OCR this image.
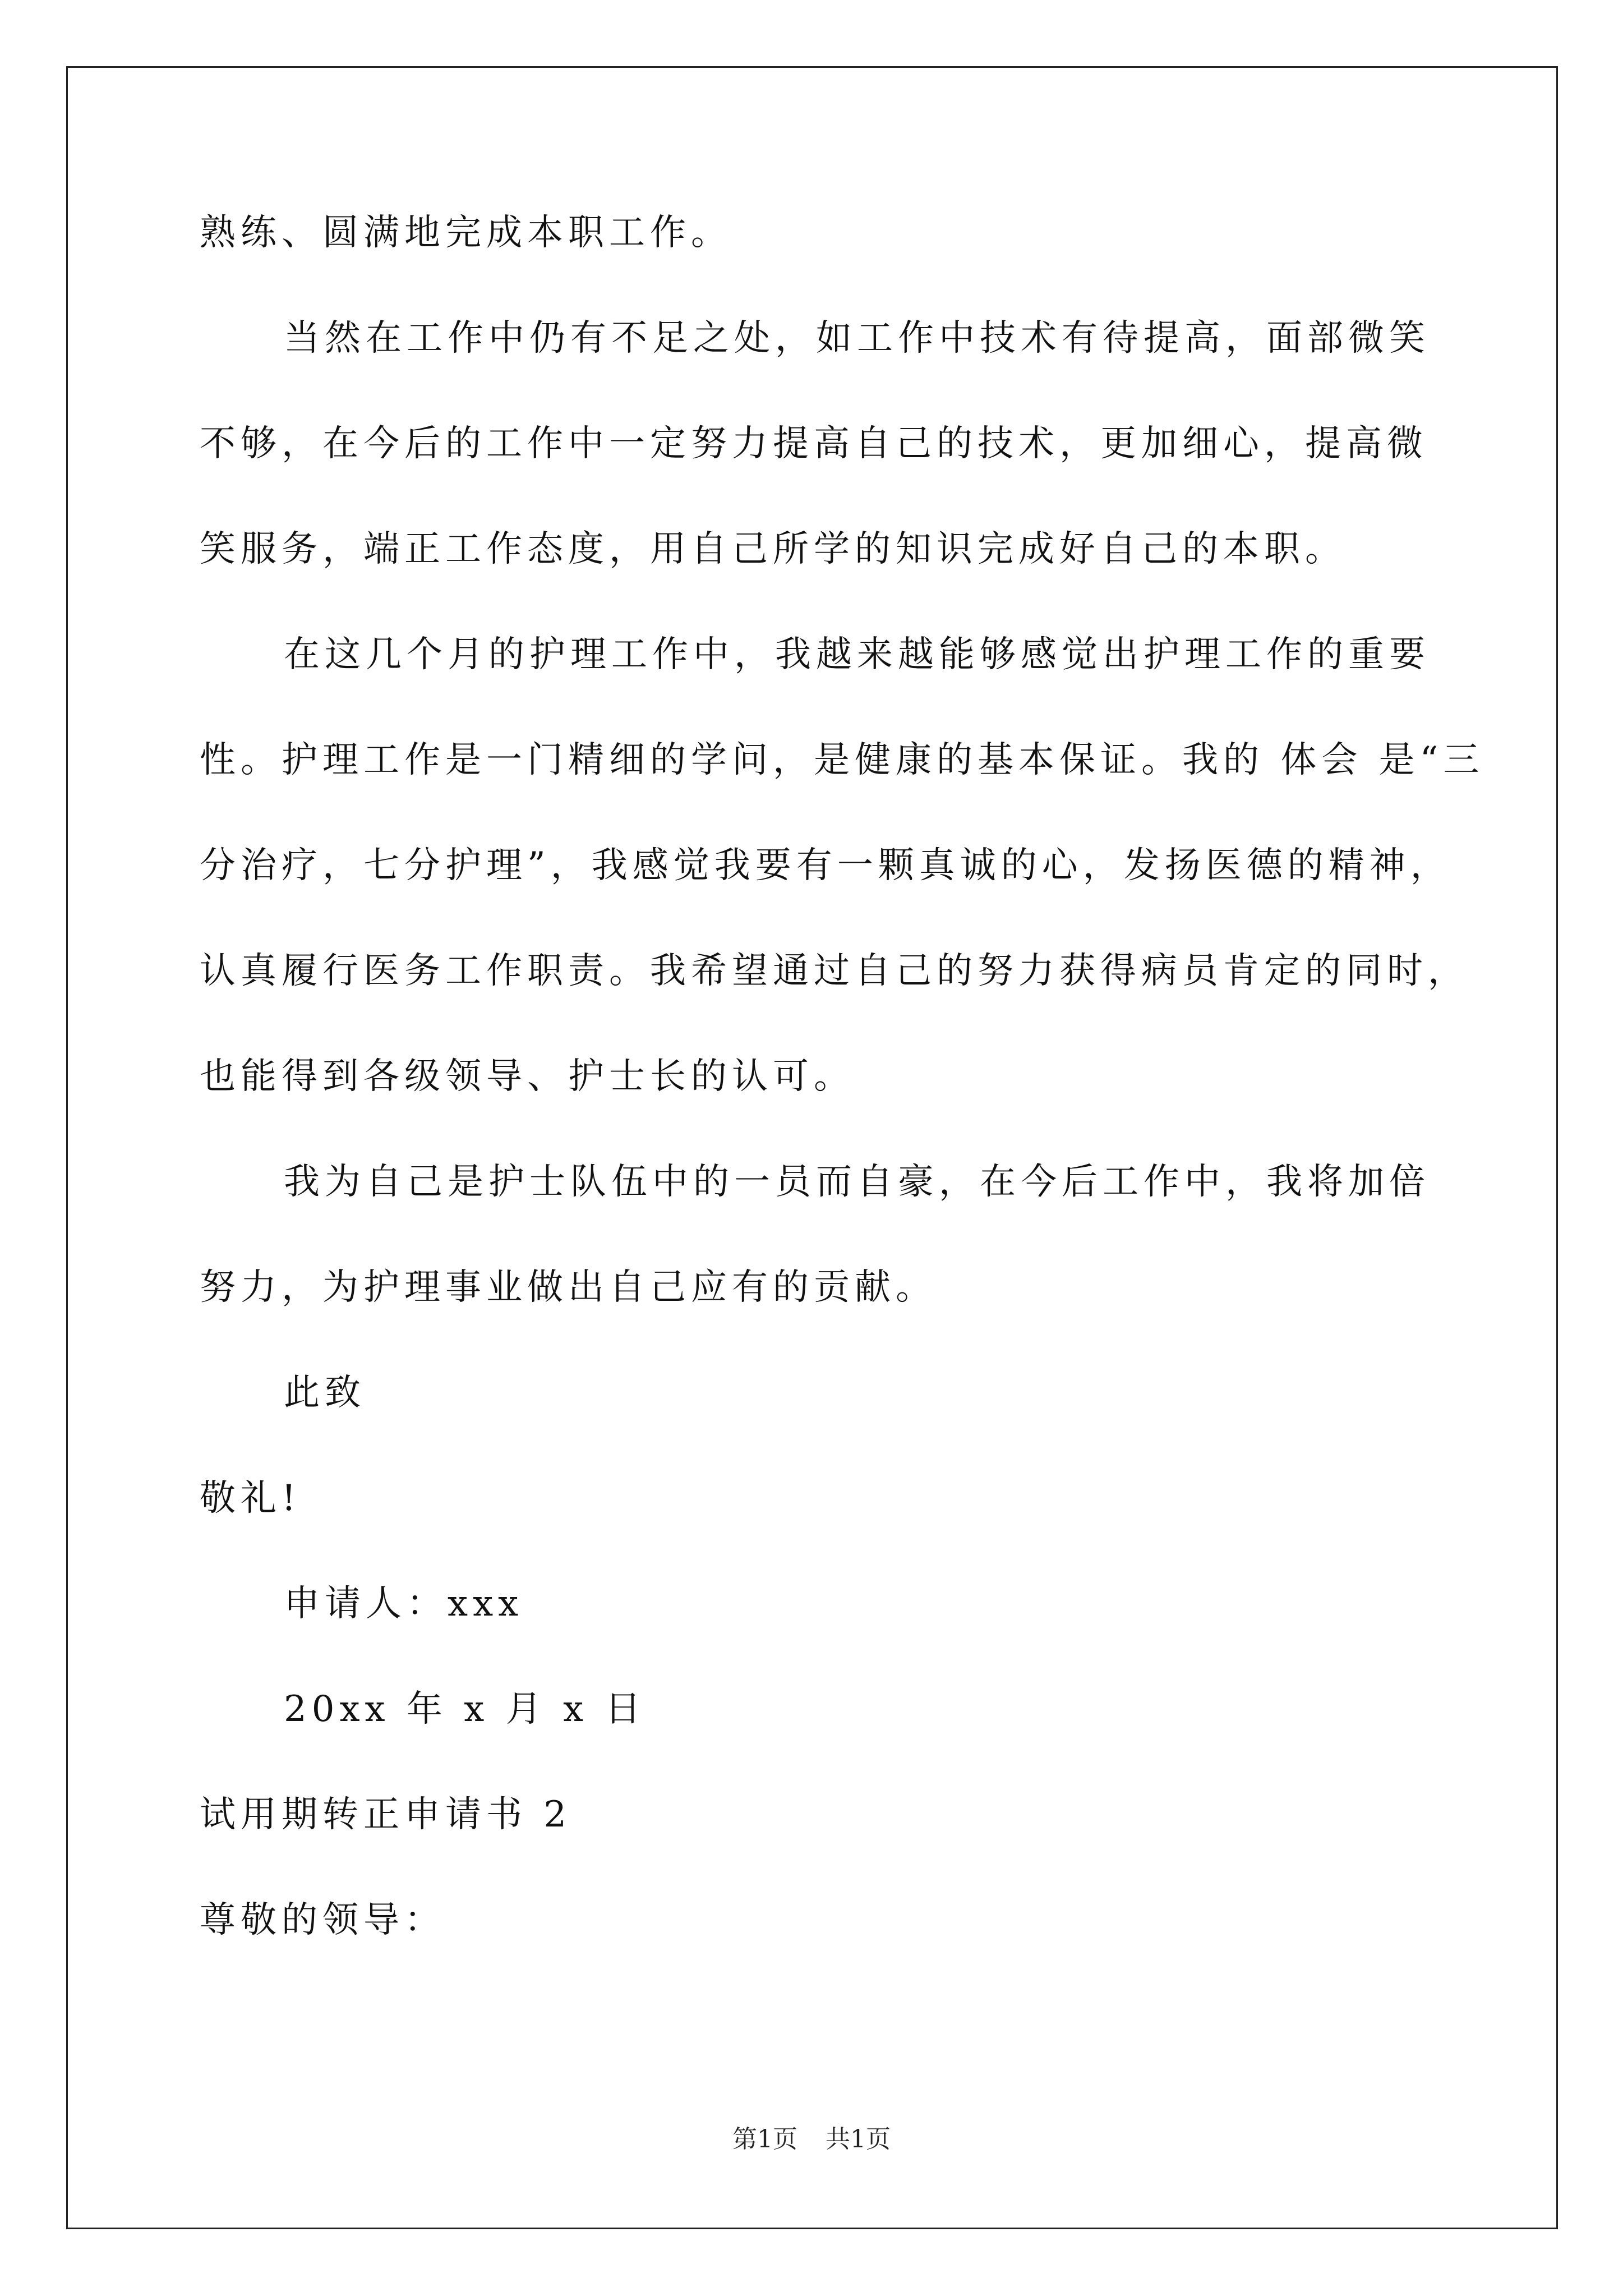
熟练、圆满地完成本职工作。
当然在工作中仍有不足之处，如工作中技术有待提高，面部微笑
不够，在今后的工作中一定努力提高自己的技术，更加细心，提高微
笑服务，端正工作态度，用自己所学的知识完成好自己的本职。
在这几个月的护理工作中，我越来越能够感觉出护理工作的重要
性。护理工作是一门精细的学问，是健康的基本保证。我的 体会 是“三
分治疗，七分护理”，我感觉我要有一颗真诚的心，发扬医德的精神，
认真履行医务工作职责。我希望通过自己的努力获得病员肯定的同时，
也能得到各级领导、护士长的认可。
我为自己是护士队伍中的一员而自豪，在今后工作中，我将加倍
努力，为护理事业做出自己应有的贡献。
此致
敬礼!
申请人：xxx
20xx 年 x 月 x 日
试用期转正申请书 2
尊敬的领导：
第1页 共1页
